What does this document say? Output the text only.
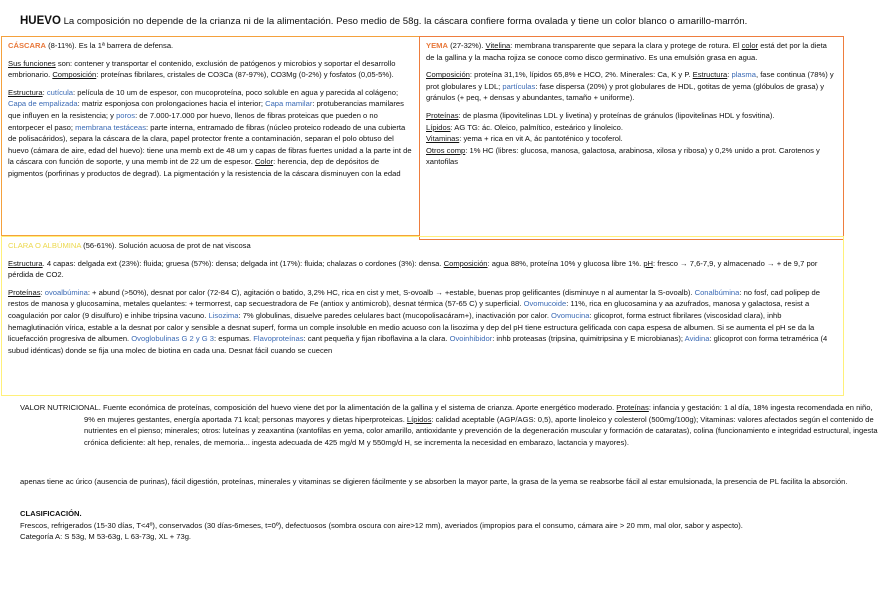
HUEVO La composición no depende de la crianza ni de la alimentación. Peso medio de 58g. la cáscara confiere forma ovalada y tiene un color blanco o amarillo-marrón.

CÁSCARA (8-11%). Es la 1ª barrera de defensa.

Sus funciones son: contener y transportar el contenido, exclusión de patógenos y microbios y soportar el desarrollo embrionario. Composición: proteínas fibrilares, cristales de CO3Ca (87-97%), CO3Mg (0-2%) y fosfatos (0,05-5%).

Estructura: cutícula: película de 10 um de espesor, con mucoproteína, poco soluble en agua y parecida al colágeno; Capa de empalizada: matriz esponjosa con prolongaciones hacia el interior; Capa mamilar: protuberancias mamilares que influyen en la resistencia; y poros: de 7.000-17.000 por huevo, llenos de fibras proteicas que pueden o no entorpecer el paso; membrana testáceas: parte interna, entramado de fibras (núcleo proteico rodeado de una cubierta de polisacáridos), separa la cáscara de la clara, papel protector frente a contaminación, separan el polo obtuso del huevo (cámara de aire, edad del huevo): tiene una memb ext de 48 um y capas de fibras fuertes unidad a la parte int de la cáscara con función de soporte, y una memb int de 22 um de espesor. Color: herencia, dep de depósitos de pigmentos (porfirinas y productos de degrad). La pigmentación y la resistencia de la cáscara disminuyen con la edad

YEMA (27-32%). Vitelina: membrana transparente que separa la clara y protege de rotura. El color está det por la dieta de la gallina y la macha rojiza se conoce como disco germinativo. Es una emulsión grasa en agua.

Composición: proteína 31,1%, lípidos 65,8% e HCO, 2%. Minerales: Ca, K y P. Estructura: plasma, fase continua (78%) y prot globulares y LDL; partículas: fase dispersa (20%) y prot globulares de HDL, gotitas de yema (glóbulos de grasa) y gránulos (+ peq, + densas y abundantes, tamaño + uniforme).

Proteínas: de plasma (lipovitelinas LDL y livetina) y proteínas de gránulos (lipovitelinas HDL y fosvitina).

Lípidos: AG TG: ác. Oleico, palmítico, esteárico y linoleico.

Vitaminas: yema + rica en vit A, ác pantoténico y tocoferol.

Otros comp: 1% HC (libres: glucosa, manosa, galactosa, arabinosa, xilosa y ribosa) y 0,2% unido a prot. Carotenos y xantofilas

CLARA O ALBÚMINA (56-61%). Solución acuosa de prot de nat viscosa

Estructura. 4 capas: delgada ext (23%): fluida; gruesa (57%): densa; delgada int (17%): fluida; chalazas o cordones (3%): densa. Composición: agua 88%, proteína 10% y glucosa libre 1%. pH: fresco → 7,6-7,9, y almacenado → + de 9,7 por pérdida de CO2.

Proteínas: ovoalbúmina: + abund (>50%), desnat por calor (72-84 C), agitación o batido, 3,2% HC, rica en cist y met, S-ovoalb → +estable, buenas prop gelificantes (disminuye n al aumentar la S-ovoalb). Conalbúmina: no fosf, cad polipep de restos de manosa y glucosamina, metales quelantes: + termorrest, cap secuestradora de Fe (antiox y antimicrob), desnat térmica (57-65 C) y superficial. Ovomucoide: 11%, rica en glucosamina y aa azufrados, manosa y galactosa, resist a coagulación por calor (9 disulfuro) e inhibe tripsina vacuno. Lisozima: 7% globulinas, disuelve paredes celulares bact (mucopolisacáram+), inactivación por calor. Ovomucina: glicoprot, forma estruct fibrilares (viscosidad clara), inhb hemaglutinación vírica, estable a la desnat por calor y sensible a desnat superf, forma un comple insoluble en medio acuoso con la lisozima y dep del pH tiene estructura gelificada con capa espesa de albumen. Si se aumenta el pH se da la licuefacción progresiva de albumen. Ovoglobulinas G 2 y G 3: espumas. Flavoproteínas: cant pequeña y fijan riboflavina a la clara. Ovoinhibidor: inhb proteasas (tripsina, quimitripsina y E microbianas); Avidina: glicoprot con forma tetramérica (4 subud idénticas) donde se fija una molec de biotina en cada una. Desnat fácil cuando se cuecen

VALOR NUTRICIONAL. Fuente económica de proteínas, composición del huevo viene det por la alimentación de la gallina y el sistema de crianza. Aporte energético moderado. Proteínas: infancia y gestación: 1 al día, 18% ingesta recomendada en niño, 9% en mujeres gestantes, energía aportada 71 kcal; personas mayores y dietas hiperproteicas. Lípidos: calidad aceptable (AGP/AGS: 0,5), aporte linoleico y colesterol (500mg/100g); Vitaminas: valores afectados según el contenido de nutrientes en el pienso; minerales; otros: luteínas y zeaxantina (xantofilas en yema, color amarillo, antioxidante y prevención de la degeneración muscular y formación de cataratas), colina (funcionamiento e integridad estructural, ingesta crónica deficiente: alt hep, renales, de memoria... ingesta adecuada de 425 mg/d M y 550mg/d H, se incrementa la necesidad en embarazo, lactancia y mayores).
apenas tiene ac úrico (ausencia de purinas), fácil digestión, proteínas, minerales y vitaminas se digieren fácilmente y se absorben la mayor parte, la grasa de la yema se reabsorbe fácil al estar emulsionada, la presencia de PL facilita la absorción.
CLASIFICACIÓN.
Frescos, refrigerados (15-30 días, T<4º), conservados (30 días-6meses, t=0º), defectuosos (sombra oscura con aire>12 mm), averiados (impropios para el consumo, cámara aire > 20 mm, mal olor, sabor y aspecto).
Categoría A: S 53g, M 53-63g, L 63-73g, XL + 73g.
